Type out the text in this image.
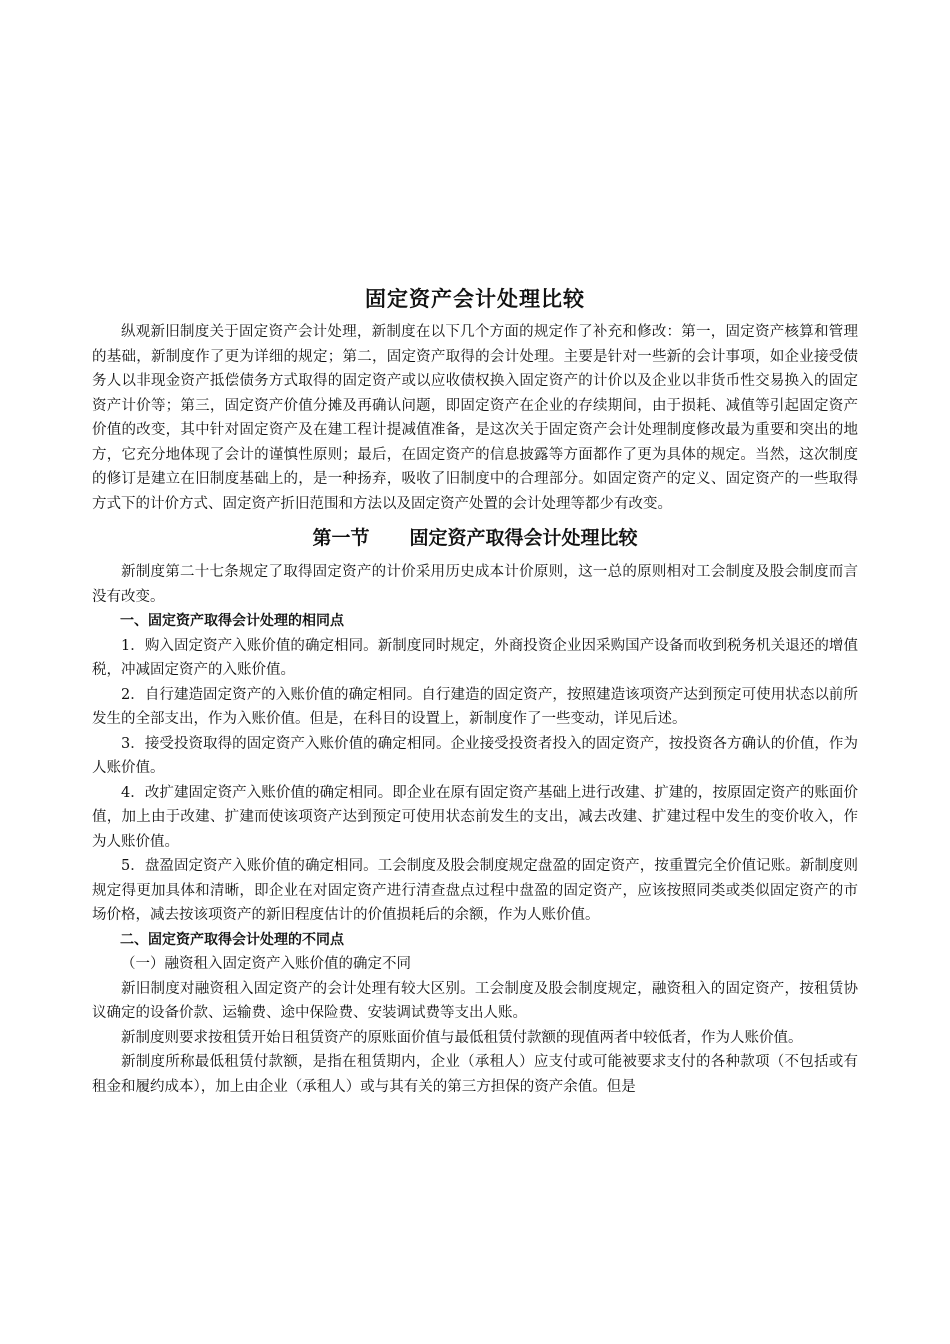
固定资产会计处理比较

纵观新旧制度关于固定资产会计处理，新制度在以下几个方面的规定作了补充和修改：第一，固定资产核算和管理的基础，新制度作了更为详细的规定；第二，固定资产取得的会计处理。主要是针对一些新的会计事项，如企业接受债务人以非现金资产抵偿债务方式取得的固定资产或以应收债权换入固定资产的计价以及企业以非货币性交易换入的固定资产计价等；第三，固定资产价值分摊及再确认问题，即固定资产在企业的存续期间，由于损耗、减值等引起固定资产价值的改变，其中针对固定资产及在建工程计提减值准备，是这次关于固定资产会计处理制度修改最为重要和突出的地方，它充分地体现了会计的谨慎性原则；最后，在固定资产的信息披露等方面都作了更为具体的规定。当然，这次制度的修订是建立在旧制度基础上的，是一种扬弃，吸收了旧制度中的合理部分。如固定资产的定义、固定资产的一些取得方式下的计价方式、固定资产折旧范围和方法以及固定资产处置的会计处理等都少有改变。

第一节 固定资产取得会计处理比较

新制度第二十七条规定了取得固定资产的计价采用历史成本计价原则，这一总的原则相对工会制度及股会制度而言没有改变。

一、固定资产取得会计处理的相同点

1．购入固定资产入账价值的确定相同。新制度同时规定，外商投资企业因采购国产设备而收到税务机关退还的增值税，冲减固定资产的入账价值。

2．自行建造固定资产的入账价值的确定相同。自行建造的固定资产，按照建造该项资产达到预定可使用状态以前所发生的全部支出，作为入账价值。但是，在科目的设置上，新制度作了一些变动，详见后述。

3．接受投资取得的固定资产入账价值的确定相同。企业接受投资者投入的固定资产，按投资各方确认的价值，作为人账价值。

4．改扩建固定资产入账价值的确定相同。即企业在原有固定资产基础上进行改建、扩建的，按原固定资产的账面价值，加上由于改建、扩建而使该项资产达到预定可使用状态前发生的支出，减去改建、扩建过程中发生的变价收入，作为人账价值。

5．盘盈固定资产入账价值的确定相同。工会制度及股会制度规定盘盈的固定资产，按重置完全价值记账。新制度则规定得更加具体和清晰，即企业在对固定资产进行清查盘点过程中盘盈的固定资产，应该按照同类或类似固定资产的市场价格，减去按该项资产的新旧程度估计的价值损耗后的余额，作为人账价值。

二、固定资产取得会计处理的不同点

（一）融资租入固定资产入账价值的确定不同

新旧制度对融资租入固定资产的会计处理有较大区别。工会制度及股会制度规定，融资租入的固定资产，按租赁协议确定的设备价款、运输费、途中保险费、安装调试费等支出人账。

新制度则要求按租赁开始日租赁资产的原账面价值与最低租赁付款额的现值两者中较低者，作为人账价值。

新制度所称最低租赁付款额，是指在租赁期内，企业（承租人）应支付或可能被要求支付的各种款项（不包括或有租金和履约成本），加上由企业（承租人）或与其有关的第三方担保的资产余值。但是
